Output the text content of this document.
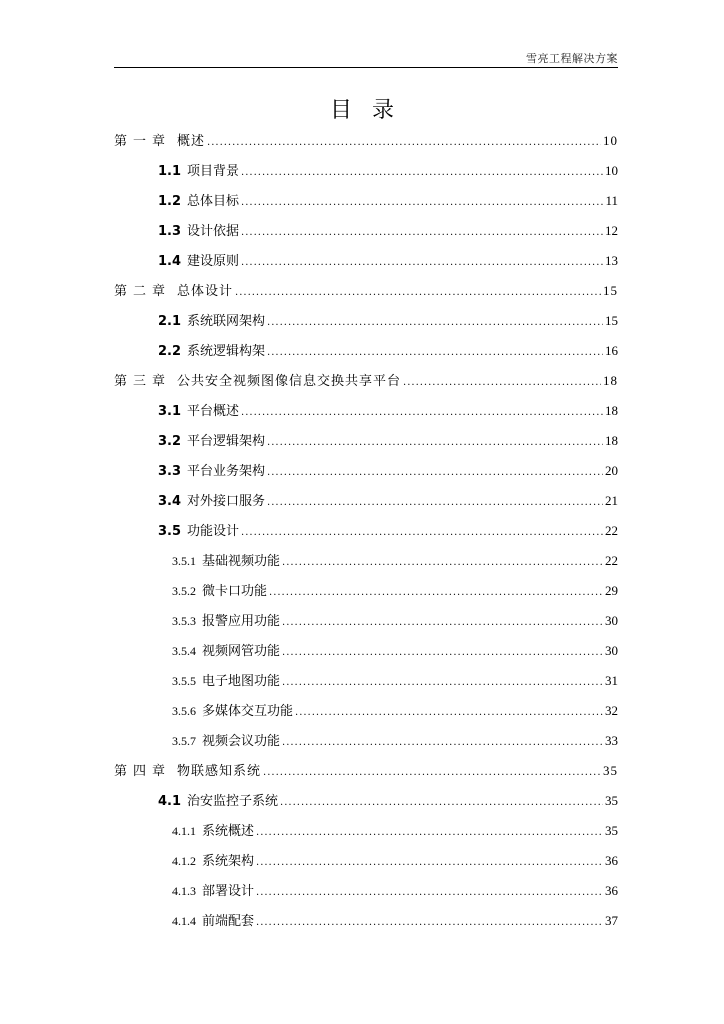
雪亮工程解决方案
目录
第一章 概述 .....	10
1.1 项目背景 .....	10
1.2 总体目标 .....	11
1.3 设计依据 .....	12
1.4 建设原则 .....	13
第二章 总体设计 .....	15
2.1 系统联网架构 .....	15
2.2 系统逻辑构架 .....	16
第三章 公共安全视频图像信息交换共享平台 .....	18
3.1 平台概述 .....	18
3.2 平台逻辑架构 .....	18
3.3 平台业务架构 .....	20
3.4 对外接口服务 .....	21
3.5 功能设计 .....	22
3.5.1 基础视频功能 .....	22
3.5.2 微卡口功能 .....	29
3.5.3 报警应用功能 .....	30
3.5.4 视频网管功能 .....	30
3.5.5 电子地图功能 .....	31
3.5.6 多媒体交互功能 .....	32
3.5.7 视频会议功能 .....	33
第四章 物联感知系统 .....	35
4.1 治安监控子系统 .....	35
4.1.1 系统概述 .....	35
4.1.2 系统架构 .....	36
4.1.3 部署设计 .....	36
4.1.4 前端配套 .....	37
